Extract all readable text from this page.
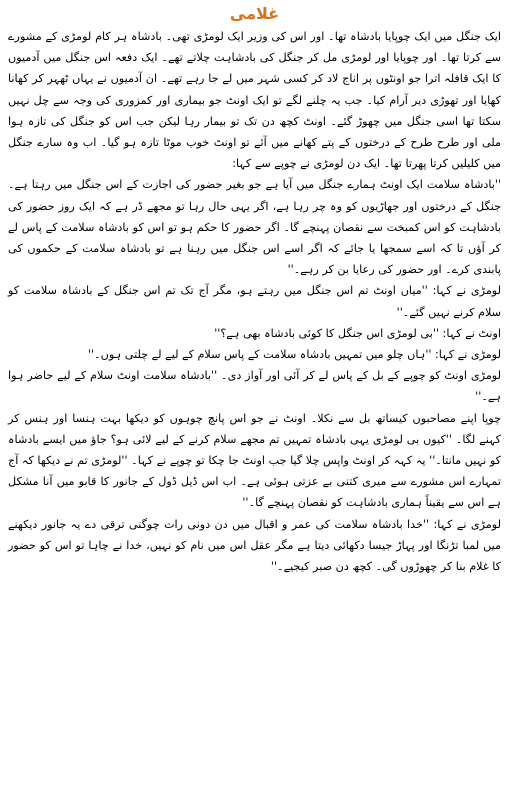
غلامی

ایک جنگل میں ایک چوپایا بادشاہ تھا۔ اور اس کی وزیر ایک لومڑی تھی۔ بادشاہ ہر کام لومڑی کے مشورے سے کرتا تھا۔ اور چوپایا اور لومڑی مل کر جنگل کی بادشاہت چلاتے تھے۔ ایک دفعہ اس جنگل میں آدمیوں کا ایک قافلہ اترا جو اونٹوں پر اناج لاد کر کسی شہر میں لے جا رہے تھے۔ ان آدمیوں نے یہاں ٹھہر کر کھانا کھایا اور تھوڑی دیر آرام کیا۔ جب یہ چلنے لگے تو ایک اونٹ جو بیماری اور کمزوری کی وجہ سے چل نہیں سکتا تھا اسی جنگل میں چھوڑ گئے۔ اونٹ کچھ دن تک تو بیمار رہا لیکن جب اس کو جنگل کی تازہ ہوا ملی اور طرح طرح کے درختوں کے پتے کھانے میں آئے تو اونٹ خوب موٹا تازہ ہو گیا۔ اب وہ سارے جنگل میں کلیلیں کرتا پھرتا تھا۔ ایک دن لومڑی نے چوپے سے کہا:

''بادشاہ سلامت ایک اونٹ ہمارے جنگل میں آیا ہے جو بغیر حضور کی اجازت کے اس جنگل میں رہتا ہے۔ جنگل کے درختوں اور جھاڑیوں کو وہ چر رہا ہے، اگر یہی حال رہا تو مجھے ڈر ہے کہ ایک روز حضور کی بادشاہت کو اس کمبخت سے نقصان پہنچے گا۔ اگر حضور کا حکم ہو تو اس کو بادشاہ سلامت کے پاس لے کر آؤں تا کہ اسے سمجھا یا جائے کہ اگر اسے اس جنگل میں رہنا ہے تو بادشاہ سلامت کے حکموں کی پابندی کرے۔ اور حضور کی رعایا بن کر رہے۔''

لومڑی نے کہا: ''میاں اونٹ تم اس جنگل میں رہتے ہو، مگر آج تک تم اس جنگل کے بادشاہ سلامت کو سلام کرنے نہیں گئے۔''

اونٹ نے کہا: ''بی لومڑی اس جنگل کا کوئی بادشاہ بھی ہے؟''

لومڑی نے کہا: ''ہاں چلو میں تمہیں بادشاہ سلامت کے پاس سلام کے لیے لے چلتی ہوں۔''

لومڑی اونٹ کو چوپے کے بل کے پاس لے کر آئی اور آواز دی۔ ''بادشاہ سلامت اونٹ سلام کے لیے حاضر ہوا ہے۔''

چوپا اپنے مصاحبوں کیساتھ بل سے نکلا۔ اونٹ نے جو اس پانچ چوہوں کو دیکھا بہت ہنسا اور ہنس کر کہنے لگا۔ ''کیوں بی لومڑی یہی بادشاہ تمہیں تم مجھے سلام کرنے کے لیے لائی ہو؟ جاؤ میں ایسے بادشاہ کو نہیں مانتا۔'' یہ کہہ کر اونٹ واپس چلا گیا جب اونٹ جا چکا تو چوپے نے کہا۔ ''لومڑی تم نے دیکھا کہ آج تمہارے اس مشورے سے میری کتنی بے عزتی ہوئی ہے۔ اب اس ڈیل ڈول کے جانور کا قابو میں آنا مشکل ہے اس سے یقیناً ہماری بادشاہت کو نقصان پہنچے گا۔''

لومڑی نے کہا: ''خدا بادشاہ سلامت کی عمر و اقبال میں دن دونی رات چوگنی ترقی دے یہ جانور دیکھنے میں لمبا تڑنگا اور پہاڑ جیسا دکھائی دیتا ہے مگر عقل اس میں نام کو نہیں، خدا نے چاہا تو اس کو حضور کا غلام بنا کر چھوڑوں گی۔ کچھ دن صبر کیجیے۔''
